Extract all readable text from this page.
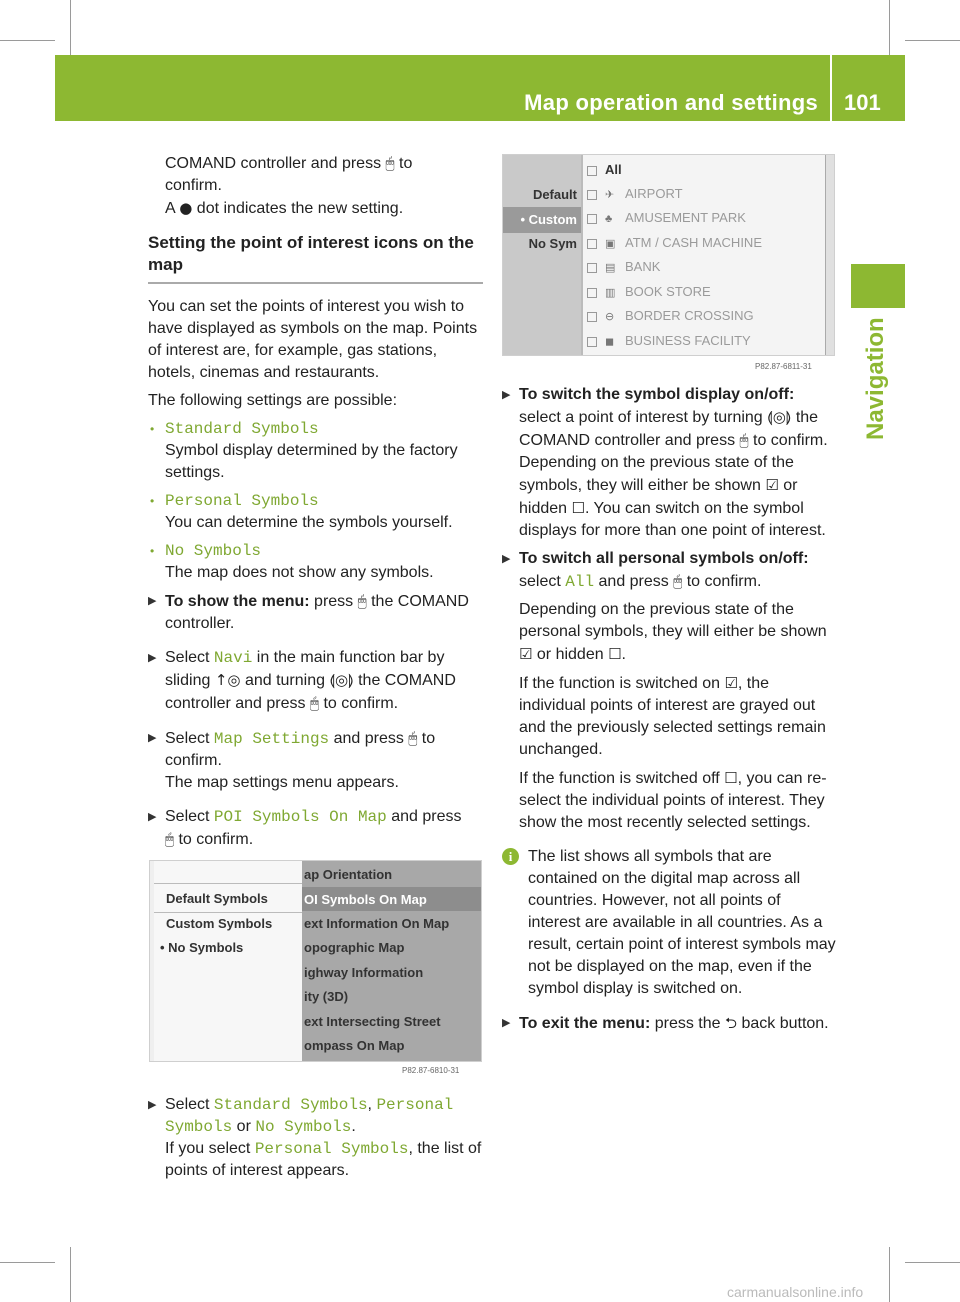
Map operation and settings 101
Navigation

COMAND controller and press 🖱 to

confirm.

A ● dot indicates the new setting.

Setting the point of interest icons on the map

You can set the points of interest you wish to have displayed as symbols on the map. Points of interest are, for example, gas stations, hotels, cinemas and restaurants.

The following settings are possible:

• Standard Symbols

Symbol display determined by the factory settings.

• Personal Symbols

You can determine the symbols yourself.

• No Symbols

The map does not show any symbols.

▶ To show the menu: press 🖱 the COMAND controller.

▶ Select Navi in the main function bar by sliding ↑◎ and turning ⟬◎⟭ the COMAND controller and press 🖱 to confirm.

▶ Select Map Settings and press 🖱 to confirm.
The map settings menu appears.

▶ Select POI Symbols On Map and press
🖱 to confirm.

Default Symbols
Custom Symbols
• No Symbols
ap Orientation
OI Symbols On Map
ext Information On Map
opographic Map
ighway Information
ity (3D)
ext Intersecting Street
ompass On Map
P82.87-6810-31

▶ Select Standard Symbols, Personal Symbols or No Symbols.
If you select Personal Symbols, the list of points of interest appears.

Default
• Custom
No Sym
All
✈ AIRPORT
♣ AMUSEMENT PARK
▣ ATM / CASH MACHINE
▤ BANK
▥ BOOK STORE
⊖ BORDER CROSSING
◼ BUSINESS FACILITY
P82.87-6811-31

▶ To switch the symbol display on/off:
select a point of interest by turning ⟬◎⟭ the COMAND controller and press 🖱 to confirm.
Depending on the previous state of the symbols, they will either be shown ☑ or hidden ☐. You can switch on the symbol displays for more than one point of interest.

▶ To switch all personal symbols on/off:
select All and press 🖱 to confirm.

Depending on the previous state of the personal symbols, they will either be shown ☑ or hidden ☐.

If the function is switched on ☑, the individual points of interest are grayed out and the previously selected settings remain unchanged.

If the function is switched off ☐, you can re-select the individual points of interest. They show the most recently selected settings.

i The list shows all symbols that are contained on the digital map across all countries. However, not all points of interest are available in all countries. As a result, certain point of interest symbols may not be displayed on the map, even if the symbol display is switched on.

▶ To exit the menu: press the ⮌ back button.

carmanualsonline.info
